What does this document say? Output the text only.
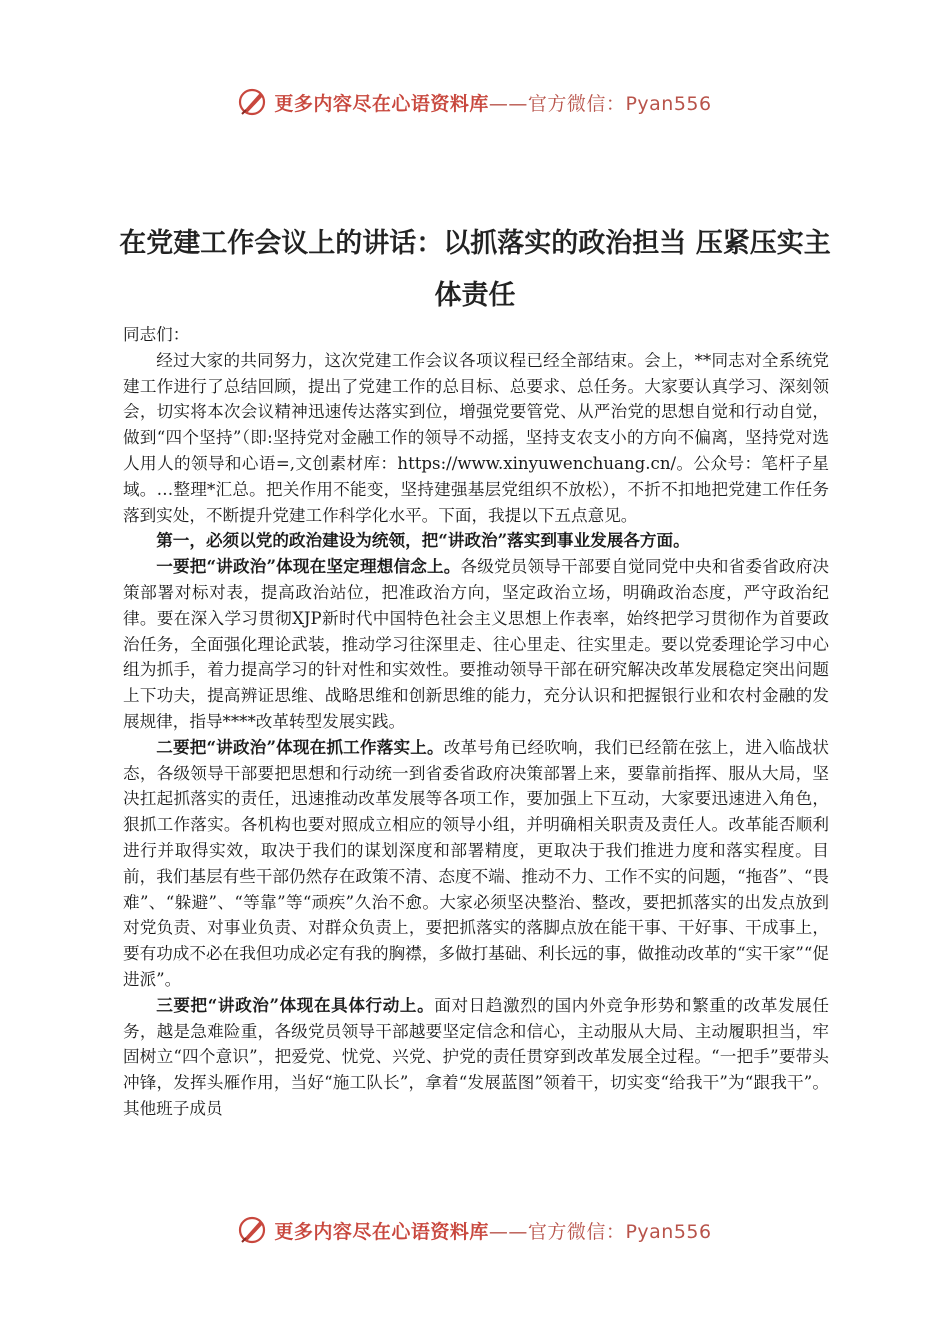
更多内容尽在心语资料库——官方微信：Pyan556
在党建工作会议上的讲话：以抓落实的政治担当 压紧压实主体责任

同志们：

经过大家的共同努力，这次党建工作会议各项议程已经全部结束。会上，**同志对全系统党建工作进行了总结回顾，提出了党建工作的总目标、总要求、总任务。大家要认真学习、深刻领会，切实将本次会议精神迅速传达落实到位，增强党要管党、从严治党的思想自觉和行动自觉，做到“四个坚持”（即:坚持党对金融工作的领导不动摇，坚持支农支小的方向不偏离，坚持党对选人用人的领导和心语=,文创素材库：https://www.xinyuwenchuang.cn/。公众号：笔杆子星域。…整理*汇总。把关作用不能变，坚持建强基层党组织不放松），不折不扣地把党建工作任务落到实处，不断提升党建工作科学化水平。下面，我提以下五点意见。

第一，必须以党的政治建设为统领，把“讲政治”落实到事业发展各方面。

一要把“讲政治”体现在坚定理想信念上。各级党员领导干部要自觉同党中央和省委省政府决策部署对标对表，提高政治站位，把准政治方向，坚定政治立场，明确政治态度，严守政治纪律。要在深入学习贯彻XJP新时代中国特色社会主义思想上作表率，始终把学习贯彻作为首要政治任务，全面强化理论武装，推动学习往深里走、往心里走、往实里走。要以党委理论学习中心组为抓手，着力提高学习的针对性和实效性。要推动领导干部在研究解决改革发展稳定突出问题上下功夫，提高辨证思维、战略思维和创新思维的能力，充分认识和把握银行业和农村金融的发展规律，指导****改革转型发展实践。

二要把“讲政治”体现在抓工作落实上。改革号角已经吹响，我们已经箭在弦上，进入临战状态，各级领导干部要把思想和行动统一到省委省政府决策部署上来，要靠前指挥、服从大局，坚决扛起抓落实的责任，迅速推动改革发展等各项工作，要加强上下互动，大家要迅速进入角色，狠抓工作落实。各机构也要对照成立相应的领导小组，并明确相关职责及责任人。改革能否顺利进行并取得实效，取决于我们的谋划深度和部署精度，更取决于我们推进力度和落实程度。目前，我们基层有些干部仍然存在政策不清、态度不端、推动不力、工作不实的问题，“拖沓”、“畏难”、“躲避”、“等靠”等“顽疾”久治不愈。大家必须坚决整治、整改，要把抓落实的出发点放到对党负责、对事业负责、对群众负责上，要把抓落实的落脚点放在能干事、干好事、干成事上，要有功成不必在我但功成必定有我的胸襟，多做打基础、利长远的事，做推动改革的“实干家”“促进派”。

三要把“讲政治”体现在具体行动上。面对日趋激烈的国内外竞争形势和繁重的改革发展任务，越是急难险重，各级党员领导干部越要坚定信念和信心，主动服从大局、主动履职担当，牢固树立“四个意识”，把爱党、忧党、兴党、护党的责任贯穿到改革发展全过程。“一把手”要带头冲锋，发挥头雁作用，当好“施工队长”，拿着“发展蓝图”领着干，切实变“给我干”为“跟我干”。其他班子成员

更多内容尽在心语资料库——官方微信：Pyan556
